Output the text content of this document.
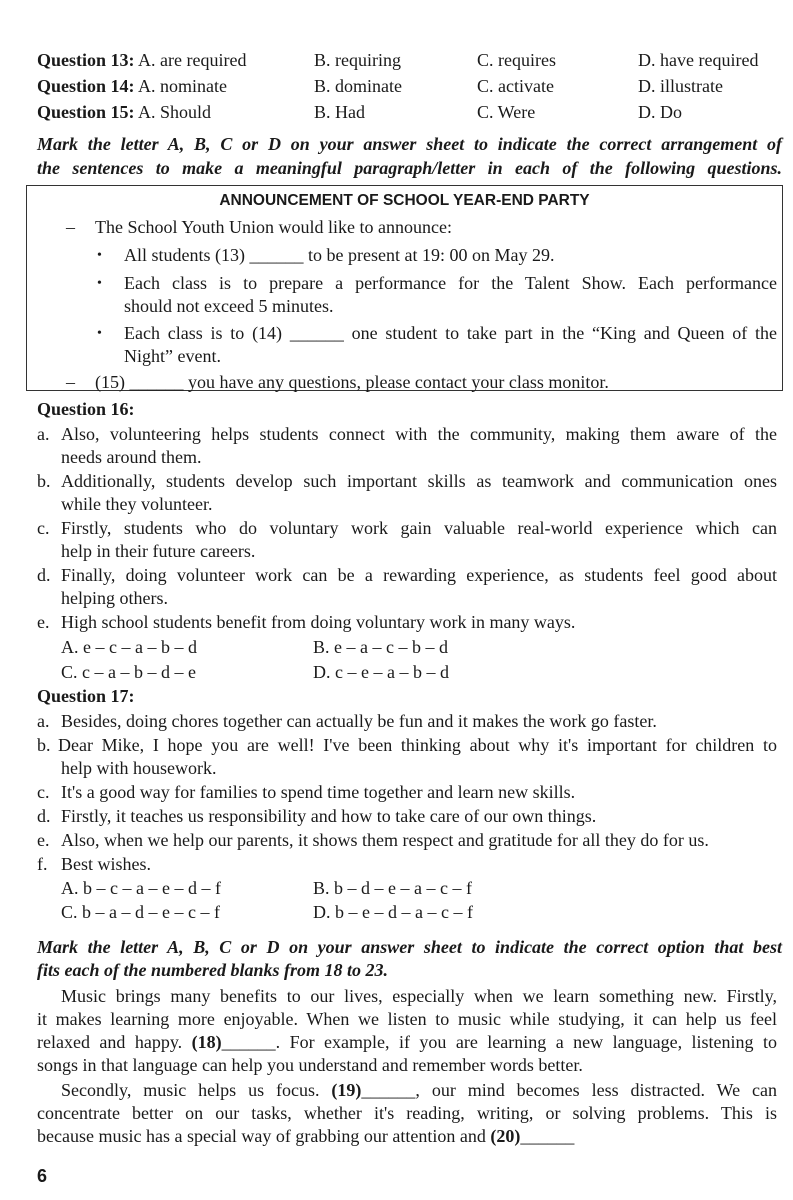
Question 13: A. are required	B. requiring	C. requires	D. have required
Question 14: A. nominate	B. dominate	C. activate	D. illustrate
Question 15: A. Should	B. Had	C. Were	D. Do
Mark the letter A, B, C or D on your answer sheet to indicate the correct arrangement of
the sentences to make a meaningful paragraph/letter in each of the following questions.
ANNOUNCEMENT OF SCHOOL YEAR-END PARTY
– The School Youth Union would like to announce:
• All students (13) ______ to be present at 19: 00 on May 29.
• Each class is to prepare a performance for the Talent Show. Each performance
should not exceed 5 minutes.
• Each class is to (14) ______ one student to take part in the “King and Queen of the
Night” event.
– (15) ______ you have any questions, please contact your class monitor.
Question 16:
a. Also, volunteering helps students connect with the community, making them aware of the
needs around them.
b. Additionally, students develop such important skills as teamwork and communication ones
while they volunteer.
c. Firstly, students who do voluntary work gain valuable real-world experience which can
help in their future careers.
d. Finally, doing volunteer work can be a rewarding experience, as students feel good about
helping others.
e. High school students benefit from doing voluntary work in many ways.
A. e – c – a – b – d	B. e – a – c – b – d
C. c – a – b – d – e	D. c – e – a – b – d
Question 17:
a. Besides, doing chores together can actually be fun and it makes the work go faster.
b. Dear Mike, I hope you are well! I've been thinking about why it's important for children to
help with housework.
c. It's a good way for families to spend time together and learn new skills.
d. Firstly, it teaches us responsibility and how to take care of our own things.
e. Also, when we help our parents, it shows them respect and gratitude for all they do for us.
f. Best wishes.
A. b – c – a – e – d – f	B. b – d – e – a – c – f
C. b – a – d – e – c – f	D. b – e – d – a – c – f
Mark the letter A, B, C or D on your answer sheet to indicate the correct option that best
fits each of the numbered blanks from 18 to 23.
Music brings many benefits to our lives, especially when we learn something new. Firstly,
it makes learning more enjoyable. When we listen to music while studying, it can help us feel
relaxed and happy. (18)______. For example, if you are learning a new language, listening to
songs in that language can help you understand and remember words better.
Secondly, music helps us focus. (19)______, our mind becomes less distracted. We can
concentrate better on our tasks, whether it's reading, writing, or solving problems. This is
because music has a special way of grabbing our attention and (20)______
6
